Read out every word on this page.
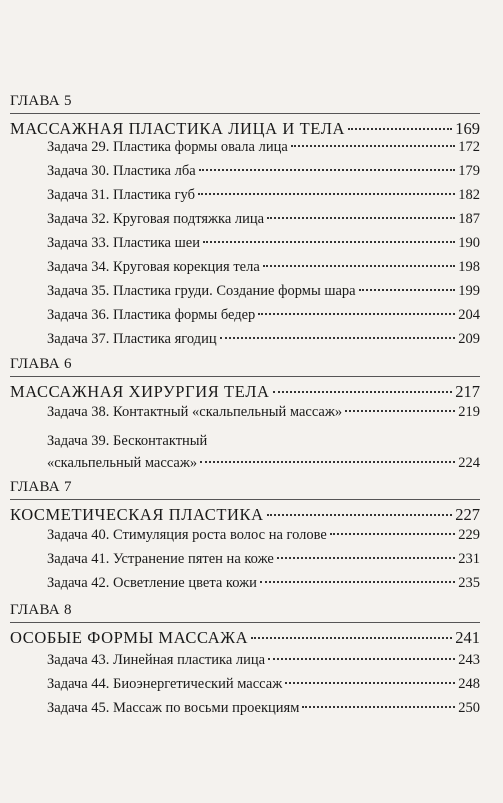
ГЛАВА 5
МАССАЖНАЯ ПЛАСТИКА ЛИЦА И ТЕЛА	169
Задача 29. Пластика формы овала лица	172
Задача 30. Пластика лба	179
Задача 31. Пластика губ	182
Задача 32. Круговая подтяжка лица	187
Задача 33. Пластика шеи	190
Задача 34. Круговая корекция тела	198
Задача 35. Пластика груди. Создание формы шара	199
Задача 36. Пластика формы бедер	204
Задача 37. Пластика ягодиц	209
ГЛАВА 6
МАССАЖНАЯ ХИРУРГИЯ ТЕЛА	217
Задача 38. Контактный «скальпельный массаж»	219
Задача 39. Бесконтактный
«скальпельный массаж»	224
ГЛАВА 7
КОСМЕТИЧЕСКАЯ ПЛАСТИКА	227
Задача 40. Стимуляция роста волос на голове	229
Задача 41. Устранение пятен на коже	231
Задача 42. Осветление цвета кожи	235
ГЛАВА 8
ОСОБЫЕ ФОРМЫ МАССАЖА	241
Задача 43. Линейная пластика лица	243
Задача 44. Биоэнергетический массаж	248
Задача 45. Массаж по восьми проекциям	250
